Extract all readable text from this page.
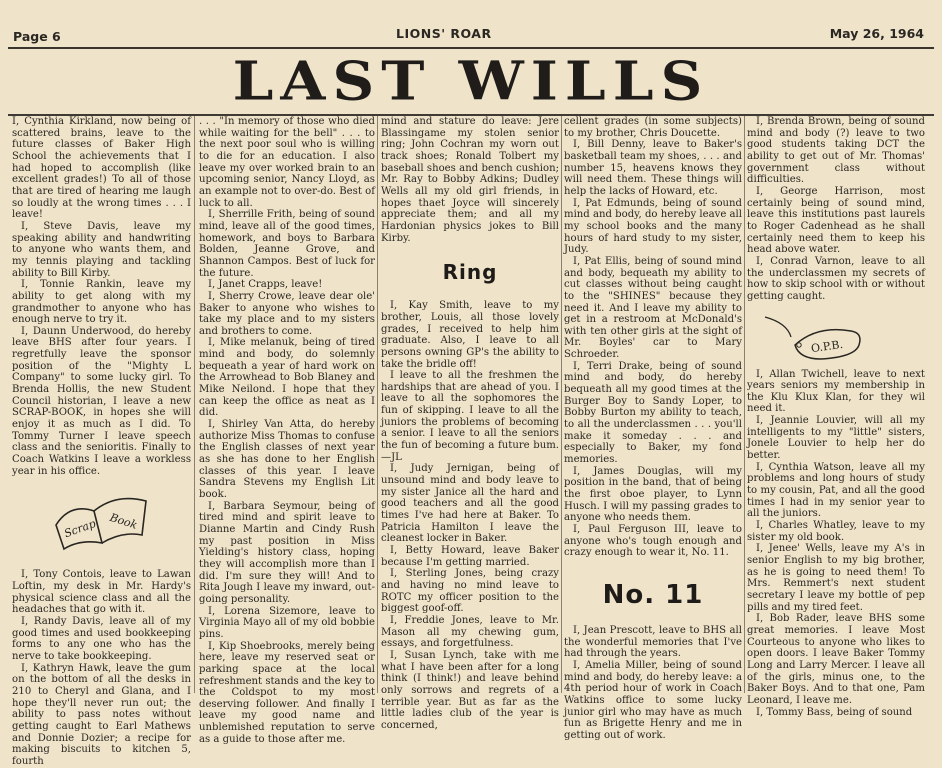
Page 6	LIONS' ROAR	May 26, 1964
LAST WILLS

I, Cynthia Kirkland, now being of scattered brains, leave to the future classes of Baker High School the achievements that I had hoped to accomplish (like excellent grades!) To all of those that are tired of hearing me laugh so loudly at the wrong times . . . I leave!

I, Steve Davis, leave my speaking ability and handwriting to anyone who wants them, and my tennis playing and tackling ability to Bill Kirby.

I, Tonnie Rankin, leave my ability to get along with my grandmother to anyone who has enough nerve to try it.

I, Daunn Underwood, do hereby leave BHS after four years. I regretfully leave the sponsor position of the "Mighty L Company" to some lucky girl. To Brenda Hollis, the new Student Council historian, I leave a new SCRAP-BOOK, in hopes she will enjoy it as much as I did. To Tommy Turner I leave speech class and the senioritis. Finally to Coach Watkins I leave a workless year in his office.

Scrap Book

I, Tony Contois, leave to Lawan Loftin, my desk in Mr. Hardy's physical science class and all the headaches that go with it.

I, Randy Davis, leave all of my good times and used bookkeeping forms to any one who has the nerve to take bookkeeping.

I, Kathryn Hawk, leave the gum on the bottom of all the desks in 210 to Cheryl and Glana, and I hope they'll never run out; the ability to pass notes without getting caught to Earl Mathews and Donnie Dozier; a recipe for making biscuits to kitchen 5, fourth

. . . "In memory of those who died while waiting for the bell" . . . to the next poor soul who is willing to die for an education. I also leave my over worked brain to an upcoming senior, Nancy Lloyd, as an example not to over-do. Best of luck to all.

I, Sherrille Frith, being of sound mind, leave all of the good times, homework, and boys to Barbara Bolden, Jeanne Grove, and Shannon Campos. Best of luck for the future.

I, Janet Crapps, leave!

I, Sherry Crowe, leave dear ole' Baker to anyone who wishes to take my place and to my sisters and brothers to come.

I, Mike melanuk, being of tired mind and body, do solemnly bequeath a year of hard work on the Arrowhead to Bob Blaney and Mike Neilond. I hope that they can keep the office as neat as I did.

I, Shirley Van Atta, do hereby authorize Miss Thomas to confuse the English classes of next year as she has done to her English classes of this year. I leave Sandra Stevens my English Lit book.

I, Barbara Seymour, being of tired mind and spirit leave to Dianne Martin and Cindy Rush my past position in Miss Yielding's history class, hoping they will accomplish more than I did. I'm sure they will! And to Rita Jough I leave my inward, out-going personality.

I, Lorena Sizemore, leave to Virginia Mayo all of my old bobbie pins.

I, Kip Shoebrooks, merely being here, leave my reserved seat or parking space at the local refreshment stands and the key to the Coldspot to my most deserving follower. And finally I leave my good name and unblemished reputation to serve as a guide to those after me.

mind and stature do leave: Jere Blassingame my stolen senior ring; John Cochran my worn out track shoes; Ronald Tolbert my baseball shoes and bench cushion; Mr. Ray to Bobby Adkins; Dudley Wells all my old girl friends, in hopes thaet Joyce will sincerely appreciate them; and all my Hardonian physics jokes to Bill Kirby.

Ring

I, Kay Smith, leave to my brother, Louis, all those lovely grades, I received to help him graduate. Also, I leave to all persons owning GP's the ability to take the bridle off!

I leave to all the freshmen the hardships that are ahead of you. I leave to all the sophomores the fun of skipping. I leave to all the juniors the problems of becoming a senior. I leave to all the seniors the fun of becoming a future bum.—JL

I, Judy Jernigan, being of unsound mind and body leave to my sister Janice all the hard and good teachers and all the good times I've had here at Baker. To Patricia Hamilton I leave the cleanest locker in Baker.

I, Betty Howard, leave Baker because I'm getting married.

I, Sterling Jones, being crazy and having no mind leave to ROTC my officer position to the biggest goof-off.

I, Freddie Jones, leave to Mr. Mason all my chewing gum, essays, and forgetfulness.

I, Susan Lynch, take with me what I have been after for a long think (I think!) and leave behind only sorrows and regrets of a terrible year. But as far as the little ladies club of the year is concerned,

cellent grades (in some subjects) to my brother, Chris Doucette.

I, Bill Denny, leave to Baker's basketball team my shoes, . . . and number 15, heavens knows they will need them. These things will help the lacks of Howard, etc.

I, Pat Edmunds, being of sound mind and body, do hereby leave all my school books and the many hours of hard study to my sister, Judy.

I, Pat Ellis, being of sound mind and body, bequeath my ability to cut classes without being caught to the "SHINES" because they need it. And I leave my ability to get in a restroom at McDonald's with ten other girls at the sight of Mr. Boyles' car to Mary Schroeder.

I, Terri Drake, being of sound mind and body, do hereby bequeath all my good times at the Burger Boy to Sandy Loper, to Bobby Burton my ability to teach, to all the underclassmen . . . you'll make it someday . . . and especially to Baker, my fond memories.

I, James Douglas, will my position in the band, that of being the first oboe player, to Lynn Husch. I will my passing grades to anyone who needs them.

I, Paul Ferguson III, leave to anyone who's tough enough and crazy enough to wear it, No. 11.

No. 11

I, Jean Prescott, leave to BHS all the wonderful memories that I've had through the years.

I, Amelia Miller, being of sound mind and body, do hereby leave: a 4th period hour of work in Coach Watkins office to some lucky junior girl who may have as much fun as Brigette Henry and me in getting out of work.

I, Brenda Brown, being of sound mind and body (?) leave to two good students taking DCT the ability to get out of Mr. Thomas' government class without difficulties.

I, George Harrison, most certainly being of sound mind, leave this institutions past laurels to Roger Cadenhead as he shall certainly need them to keep his head above water.

I, Conrad Varnon, leave to all the underclassmen my secrets of how to skip school with or without getting caught.

O.P.B.

I, Allan Twichell, leave to next years seniors my membership in the Klu Klux Klan, for they wil need it.

I, Jeannie Louvier, will all my intelligents to my "little" sisters, Jonele Louvier to help her do better.

I, Cynthia Watson, leave all my problems and long hours of study to my cousin, Pat, and all the good times I had in my senior year to all the juniors.

I, Charles Whatley, leave to my sister my old book.

I, Jenee' Wells, leave my A's in senior English to my big brother, as he is going to need them! To Mrs. Remmert's next student secretary I leave my bottle of pep pills and my tired feet.

I, Bob Rader, leave BHS some great memories. I leave Most Courteous to anyone who likes to open doors. I leave Baker Tommy Long and Larry Mercer. I leave all of the girls, minus one, to the Baker Boys. And to that one, Pam Leonard, I leave me.

I, Tommy Bass, being of sound
